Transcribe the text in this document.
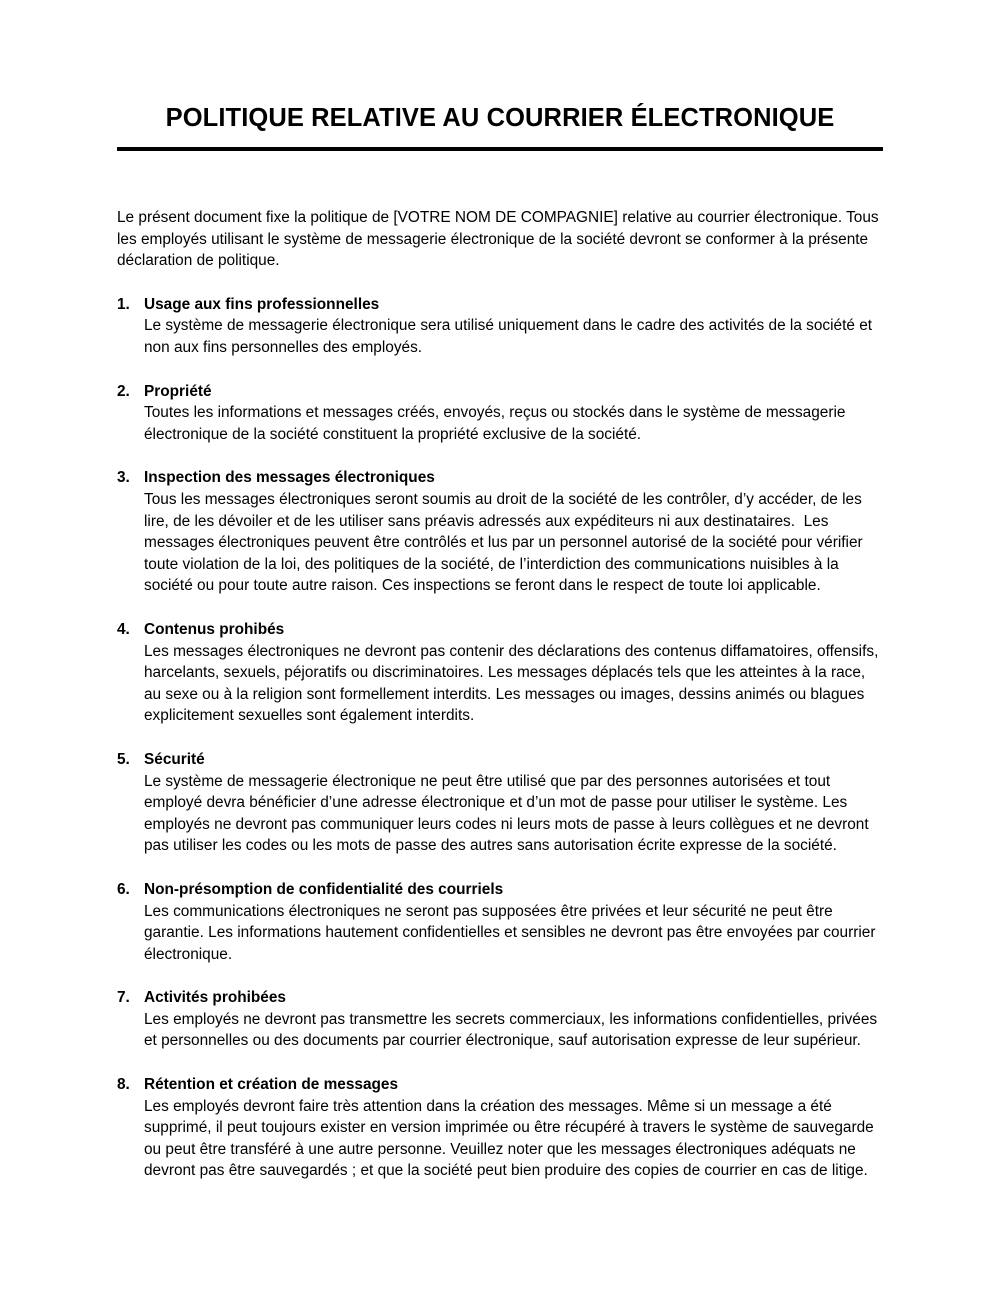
POLITIQUE RELATIVE AU COURRIER ÉLECTRONIQUE

Le présent document fixe la politique de [VOTRE NOM DE COMPAGNIE] relative au courrier électronique. Tous les employés utilisant le système de messagerie électronique de la société devront se conformer à la présente déclaration de politique.

1. Usage aux fins professionnelles
Le système de messagerie électronique sera utilisé uniquement dans le cadre des activités de la société et non aux fins personnelles des employés.
2. Propriété
Toutes les informations et messages créés, envoyés, reçus ou stockés dans le système de messagerie électronique de la société constituent la propriété exclusive de la société.
3. Inspection des messages électroniques
Tous les messages électroniques seront soumis au droit de la société de les contrôler, d’y accéder, de les lire, de les dévoiler et de les utiliser sans préavis adressés aux expéditeurs ni aux destinataires.  Les messages électroniques peuvent être contrôlés et lus par un personnel autorisé de la société pour vérifier toute violation de la loi, des politiques de la société, de l’interdiction des communications nuisibles à la société ou pour toute autre raison. Ces inspections se feront dans le respect de toute loi applicable.
4. Contenus prohibés
Les messages électroniques ne devront pas contenir des déclarations des contenus diffamatoires, offensifs, harcelants, sexuels, péjoratifs ou discriminatoires. Les messages déplacés tels que les atteintes à la race, au sexe ou à la religion sont formellement interdits. Les messages ou images, dessins animés ou blagues explicitement sexuelles sont également interdits.
5. Sécurité
Le système de messagerie électronique ne peut être utilisé que par des personnes autorisées et tout employé devra bénéficier d’une adresse électronique et d’un mot de passe pour utiliser le système. Les employés ne devront pas communiquer leurs codes ni leurs mots de passe à leurs collègues et ne devront pas utiliser les codes ou les mots de passe des autres sans autorisation écrite expresse de la société.
6. Non-présomption de confidentialité des courriels
Les communications électroniques ne seront pas supposées être privées et leur sécurité ne peut être garantie. Les informations hautement confidentielles et sensibles ne devront pas être envoyées par courrier électronique.
7. Activités prohibées
Les employés ne devront pas transmettre les secrets commerciaux, les informations confidentielles, privées et personnelles ou des documents par courrier électronique, sauf autorisation expresse de leur supérieur.
8. Rétention et création de messages
Les employés devront faire très attention dans la création des messages. Même si un message a été supprimé, il peut toujours exister en version imprimée ou être récupéré à travers le système de sauvegarde ou peut être transféré à une autre personne. Veuillez noter que les messages électroniques adéquats ne devront pas être sauvegardés ; et que la société peut bien produire des copies de courrier en cas de litige.
